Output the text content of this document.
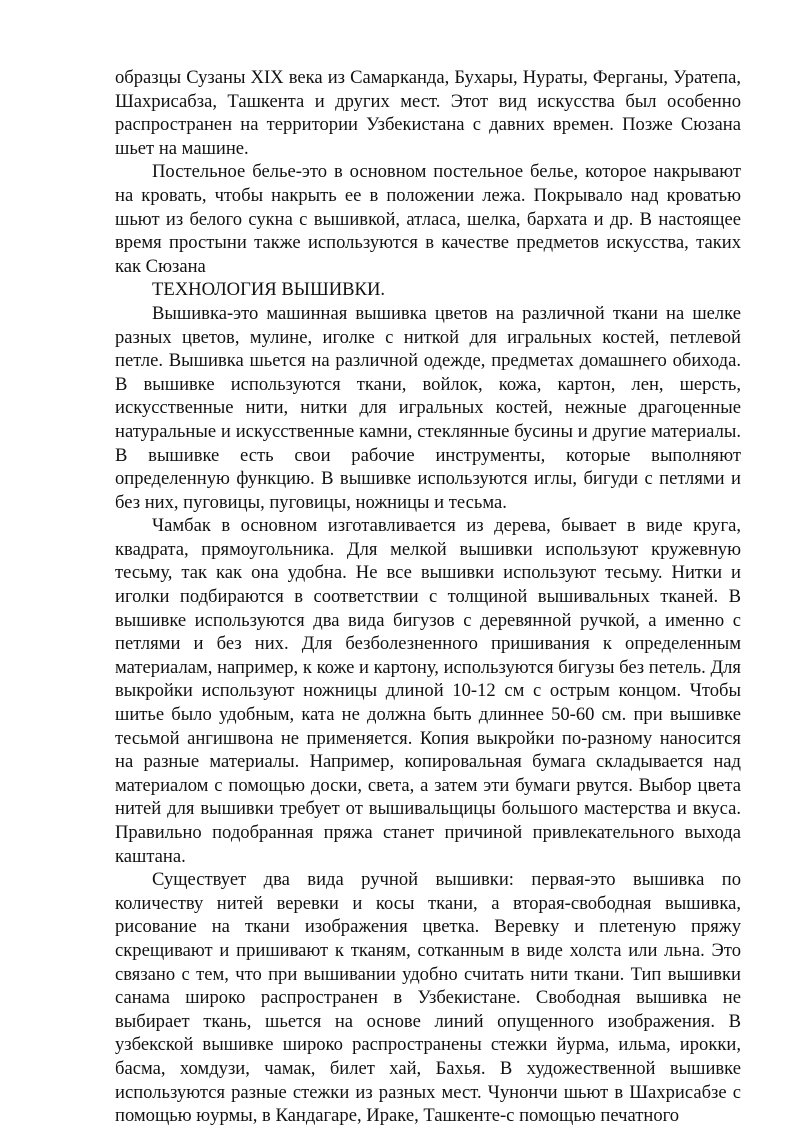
образцы Сузаны XIX века из Самарканда, Бухары, Нураты, Ферганы, Уратепа, Шахрисабза, Ташкента и других мест. Этот вид искусства был особенно распространен на территории Узбекистана с давних времен. Позже Сюзана шьет на машине.

Постельное белье-это в основном постельное белье, которое накрывают на кровать, чтобы накрыть ее в положении лежа. Покрывало над кроватью шьют из белого сукна с вышивкой, атласа, шелка, бархата и др. В настоящее время простыни также используются в качестве предметов искусства, таких как Сюзана

ТЕХНОЛОГИЯ ВЫШИВКИ.

Вышивка-это машинная вышивка цветов на различной ткани на шелке разных цветов, мулине, иголке с ниткой для игральных костей, петлевой петле. Вышивка шьется на различной одежде, предметах домашнего обихода. В вышивке используются ткани, войлок, кожа, картон, лен, шерсть, искусственные нити, нитки для игральных костей, нежные драгоценные натуральные и искусственные камни, стеклянные бусины и другие материалы. В вышивке есть свои рабочие инструменты, которые выполняют определенную функцию. В вышивке используются иглы, бигуди с петлями и без них, пуговицы, пуговицы, ножницы и тесьма.

Чамбак в основном изготавливается из дерева, бывает в виде круга, квадрата, прямоугольника. Для мелкой вышивки используют кружевную тесьму, так как она удобна. Не все вышивки используют тесьму. Нитки и иголки подбираются в соответствии с толщиной вышивальных тканей. В вышивке используются два вида бигузов с деревянной ручкой, а именно с петлями и без них. Для безболезненного пришивания к определенным материалам, например, к коже и картону, используются бигузы без петель. Для выкройки используют ножницы длиной 10-12 см с острым концом. Чтобы шитье было удобным, ката не должна быть длиннее 50-60 см. при вышивке тесьмой ангишвона не применяется. Копия выкройки по-разному наносится на разные материалы. Например, копировальная бумага складывается над материалом с помощью доски, света, а затем эти бумаги рвутся. Выбор цвета нитей для вышивки требует от вышивальщицы большого мастерства и вкуса. Правильно подобранная пряжа станет причиной привлекательного выхода каштана.

Существует два вида ручной вышивки: первая-это вышивка по количеству нитей веревки и косы ткани, а вторая-свободная вышивка, рисование на ткани изображения цветка. Веревку и плетеную пряжу скрещивают и пришивают к тканям, сотканным в виде холста или льна. Это связано с тем, что при вышивании удобно считать нити ткани. Тип вышивки санама широко распространен в Узбекистане. Свободная вышивка не выбирает ткань, шьется на основе линий опущенного изображения. В узбекской вышивке широко распространены стежки йурма, ильма, ирокки, басма, хомдузи, чамак, билет хай, Бахья. В художественной вышивке используются разные стежки из разных мест. Чунончи шьют в Шахрисабзе с помощью юурмы, в Кандагаре, Ираке, Ташкенте-с помощью печатного
